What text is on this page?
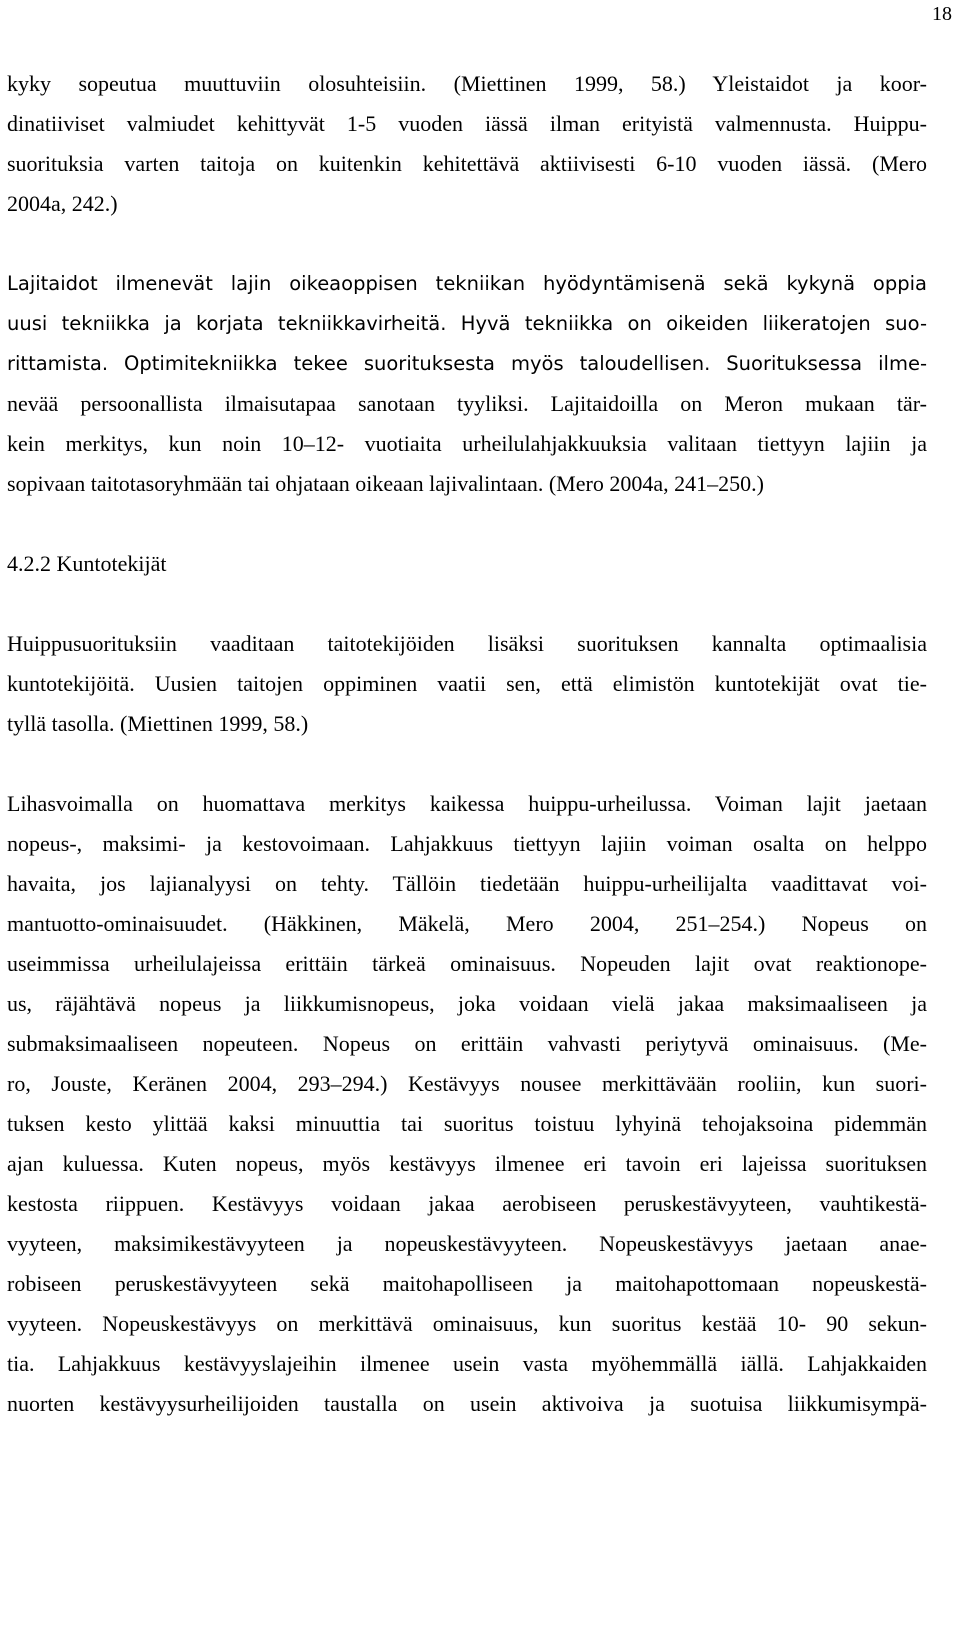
18

kyky sopeutua muuttuviin olosuhteisiin. (Miettinen 1999, 58.) Yleistaidot ja koor-
dinatiiviset valmiudet kehittyvät 1-5 vuoden iässä ilman erityistä valmennusta. Huippu-
suorituksia varten taitoja on kuitenkin kehitettävä aktiivisesti 6-10 vuoden iässä. (Mero
2004a, 242.)

Lajitaidot ilmenevät lajin oikeaoppisen tekniikan hyödyntämisenä sekä kykynä oppia
uusi tekniikka ja korjata tekniikkavirheitä. Hyvä tekniikka on oikeiden liikeratojen suo-
rittamista. Optimitekniikka tekee suorituksesta myös taloudellisen. Suorituksessa ilme-
nevää persoonallista ilmaisutapaa sanotaan tyyliksi. Lajitaidoilla on Meron mukaan tär-
kein merkitys, kun noin 10–12- vuotiaita urheilulahjakkuuksia valitaan tiettyyn lajiin ja
sopivaan taitotasoryhmään tai ohjataan oikeaan lajivalintaan. (Mero 2004a, 241–250.)

4.2.2 Kuntotekijät

Huippusuorituksiin vaaditaan taitotekijöiden lisäksi suorituksen kannalta optimaalisia
kuntotekijöitä. Uusien taitojen oppiminen vaatii sen, että elimistön kuntotekijät ovat tie-
tyllä tasolla. (Miettinen 1999, 58.)

Lihasvoimalla on huomattava merkitys kaikessa huippu-urheilussa. Voiman lajit jaetaan
nopeus-, maksimi- ja kestovoimaan. Lahjakkuus tiettyyn lajiin voiman osalta on helppo
havaita, jos lajianalyysi on tehty. Tällöin tiedetään huippu-urheilijalta vaadittavat voi-
mantuotto-ominaisuudet. (Häkkinen, Mäkelä, Mero 2004, 251–254.) Nopeus on
useimmissa urheilulajeissa erittäin tärkeä ominaisuus. Nopeuden lajit ovat reaktionope-
us, räjähtävä nopeus ja liikkumisnopeus, joka voidaan vielä jakaa maksimaaliseen ja
submaksimaaliseen nopeuteen. Nopeus on erittäin vahvasti periytyvä ominaisuus. (Me-
ro, Jouste, Keränen 2004, 293–294.) Kestävyys nousee merkittävään rooliin, kun suori-
tuksen kesto ylittää kaksi minuuttia tai suoritus toistuu lyhyinä tehojaksoina pidemmän
ajan kuluessa. Kuten nopeus, myös kestävyys ilmenee eri tavoin eri lajeissa suorituksen
kestosta riippuen. Kestävyys voidaan jakaa aerobiseen peruskestävyyteen, vauhtikestä-
vyyteen, maksimikestävyyteen ja nopeuskestävyyteen. Nopeuskestävyys jaetaan anae-
robiseen peruskestävyyteen sekä maitohapolliseen ja maitohapottomaan nopeuskestä-
vyyteen. Nopeuskestävyys on merkittävä ominaisuus, kun suoritus kestää 10- 90 sekun-
tia. Lahjakkuus kestävyyslajeihin ilmenee usein vasta myöhemmällä iällä. Lahjakkaiden
nuorten kestävyysurheilijoiden taustalla on usein aktivoiva ja suotuisa liikkumisympä-
